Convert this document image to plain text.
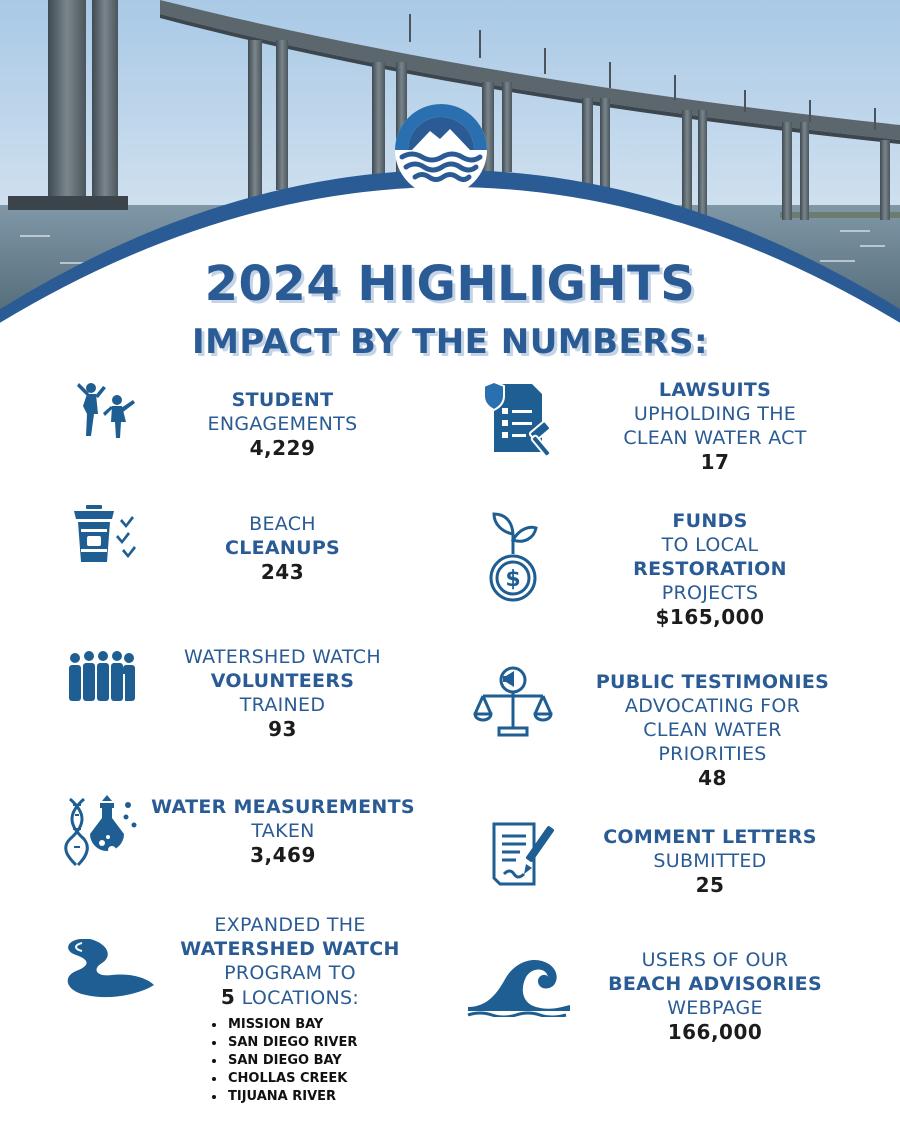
2024 HIGHLIGHTS
IMPACT BY THE NUMBERS:
$
STUDENT
ENGAGEMENTS
4,229
BEACH
CLEANUPS
243
WATERSHED WATCH
VOLUNTEERS
TRAINED
93
WATER MEASUREMENTS
TAKEN
3,469
EXPANDED THE
WATERSHED WATCH
PROGRAM TO
5 LOCATIONS:
• MISSION BAY
• SAN DIEGO RIVER
• SAN DIEGO BAY
• CHOLLAS CREEK
• TIJUANA RIVER
LAWSUITS
UPHOLDING THE
CLEAN WATER ACT
17
FUNDS
TO LOCAL
RESTORATION
PROJECTS
$165,000
PUBLIC TESTIMONIES
ADVOCATING FOR
CLEAN WATER
PRIORITIES
48
COMMENT LETTERS
SUBMITTED
25
USERS OF OUR
BEACH ADVISORIES
WEBPAGE
166,000
